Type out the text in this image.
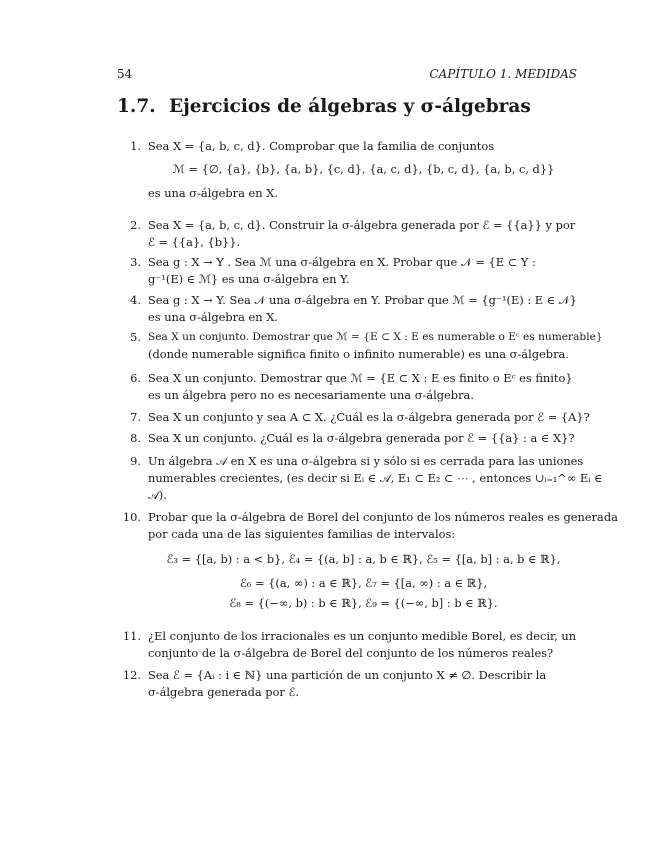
54	CAPÍTULO 1. MEDIDAS
1.7. Ejercicios de álgebras y σ-álgebras
1. Sea X = {a, b, c, d}. Comprobar que la familia de conjuntos
ℳ = {∅, {a}, {b}, {a, b}, {c, d}, {a, c, d}, {b, c, d}, {a, b, c, d}}
es una σ-álgebra en X.
2. Sea X = {a, b, c, d}. Construir la σ-álgebra generada por ℰ = {{a}} y por
ℰ = {{a}, {b}}.
3. Sea g : X → Y . Sea ℳ una σ-álgebra en X. Probar que 𝒩 = {E ⊂ Y :
g⁻¹(E) ∈ ℳ} es una σ-álgebra en Y.
4. Sea g : X → Y. Sea 𝒩 una σ-álgebra en Y. Probar que ℳ = {g⁻¹(E) : E ∈ 𝒩}
es una σ-álgebra en X.
5. Sea X un conjunto. Demostrar que ℳ = {E ⊂ X : E es numerable o Eᶜ es numerable}
(donde numerable significa finito o infinito numerable) es una σ-álgebra.
6. Sea X un conjunto. Demostrar que ℳ = {E ⊂ X : E es finito o Eᶜ es finito}
es un álgebra pero no es necesariamente una σ-álgebra.
7. Sea X un conjunto y sea A ⊂ X. ¿Cuál es la σ-álgebra generada por ℰ = {A}?
8. Sea X un conjunto. ¿Cuál es la σ-álgebra generada por ℰ = {{a} : a ∈ X}?
9. Un álgebra 𝒜 en X es una σ-álgebra si y sólo si es cerrada para las uniones
numerables crecientes, (es decir si Eᵢ ∈ 𝒜, E₁ ⊂ E₂ ⊂ ⋯ , entonces ∪ᵢ₌₁^∞ Eᵢ ∈
𝒜).
10. Probar que la σ-álgebra de Borel del conjunto de los números reales es generada
por cada una de las siguientes familias de intervalos:
ℰ₃ = {[a, b) : a < b}, ℰ₄ = {(a, b] : a, b ∈ ℝ}, ℰ₅ = {[a, b] : a, b ∈ ℝ},
ℰ₆ = {(a, ∞) : a ∈ ℝ}, ℰ₇ = {[a, ∞) : a ∈ ℝ},
ℰ₈ = {(−∞, b) : b ∈ ℝ}, ℰ₉ = {(−∞, b] : b ∈ ℝ}.
11. ¿El conjunto de los irracionales es un conjunto medible Borel, es decir, un
conjunto de la σ-álgebra de Borel del conjunto de los números reales?
12. Sea ℰ = {Aᵢ : i ∈ ℕ} una partición de un conjunto X ≠ ∅. Describir la
σ-álgebra generada por ℰ.
